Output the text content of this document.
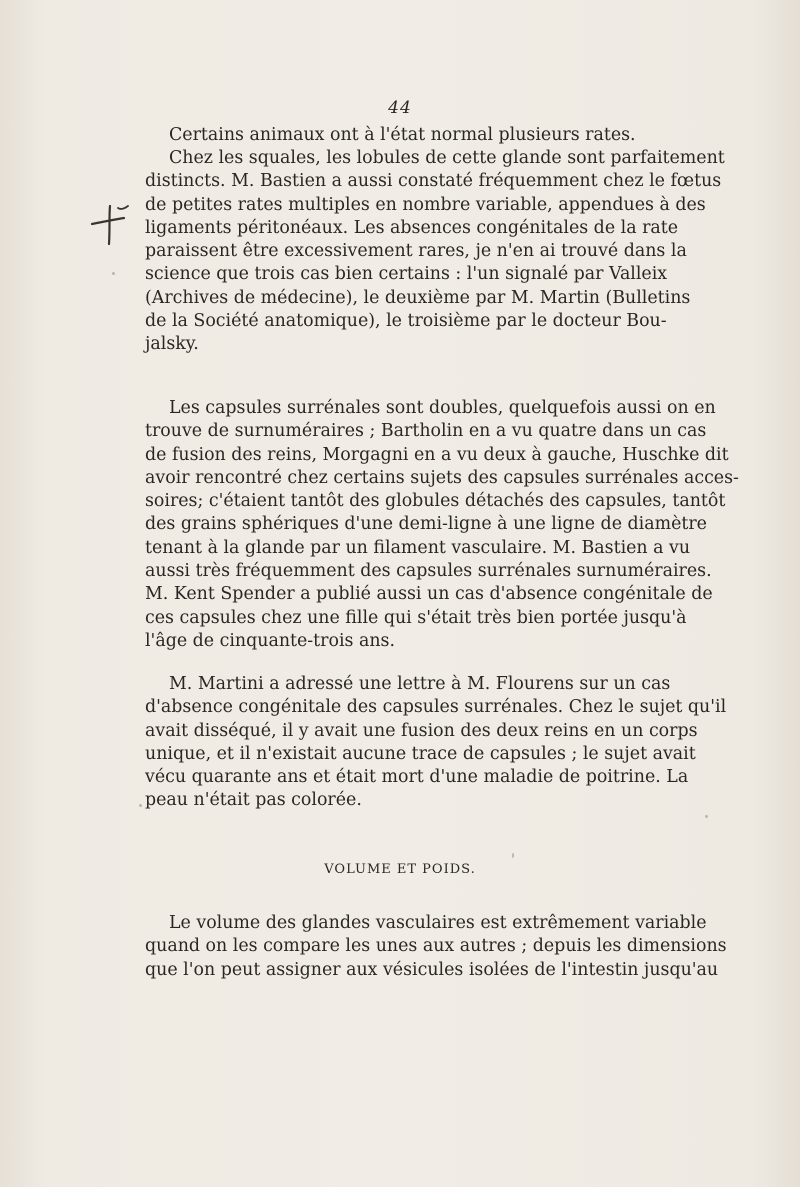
44
Certains animaux ont à l'état normal plusieurs rates.
Chez les squales, les lobules de cette glande sont parfaitement
distincts. M. Bastien a aussi constaté fréquemment chez le fœtus
de petites rates multiples en nombre variable, appendues à des
ligaments péritonéaux. Les absences congénitales de la rate
paraissent être excessivement rares, je n'en ai trouvé dans la
science que trois cas bien certains : l'un signalé par Valleix
(Archives de médecine), le deuxième par M. Martin (Bulletins
de la Société anatomique), le troisième par le docteur Bou-
jalsky.
Les capsules surrénales sont doubles, quelquefois aussi on en
trouve de surnuméraires ; Bartholin en a vu quatre dans un cas
de fusion des reins, Morgagni en a vu deux à gauche, Huschke dit
avoir rencontré chez certains sujets des capsules surrénales acces-
soires; c'étaient tantôt des globules détachés des capsules, tantôt
des grains sphériques d'une demi-ligne à une ligne de diamètre
tenant à la glande par un filament vasculaire. M. Bastien a vu
aussi très fréquemment des capsules surrénales surnuméraires.
M. Kent Spender a publié aussi un cas d'absence congénitale de
ces capsules chez une fille qui s'était très bien portée jusqu'à
l'âge de cinquante-trois ans.
M. Martini a adressé une lettre à M. Flourens sur un cas
d'absence congénitale des capsules surrénales. Chez le sujet qu'il
avait disséqué, il y avait une fusion des deux reins en un corps
unique, et il n'existait aucune trace de capsules ; le sujet avait
vécu quarante ans et était mort d'une maladie de poitrine. La
peau n'était pas colorée.
VOLUME ET POIDS.
Le volume des glandes vasculaires est extrêmement variable
quand on les compare les unes aux autres ; depuis les dimensions
que l'on peut assigner aux vésicules isolées de l'intestin jusqu'au
